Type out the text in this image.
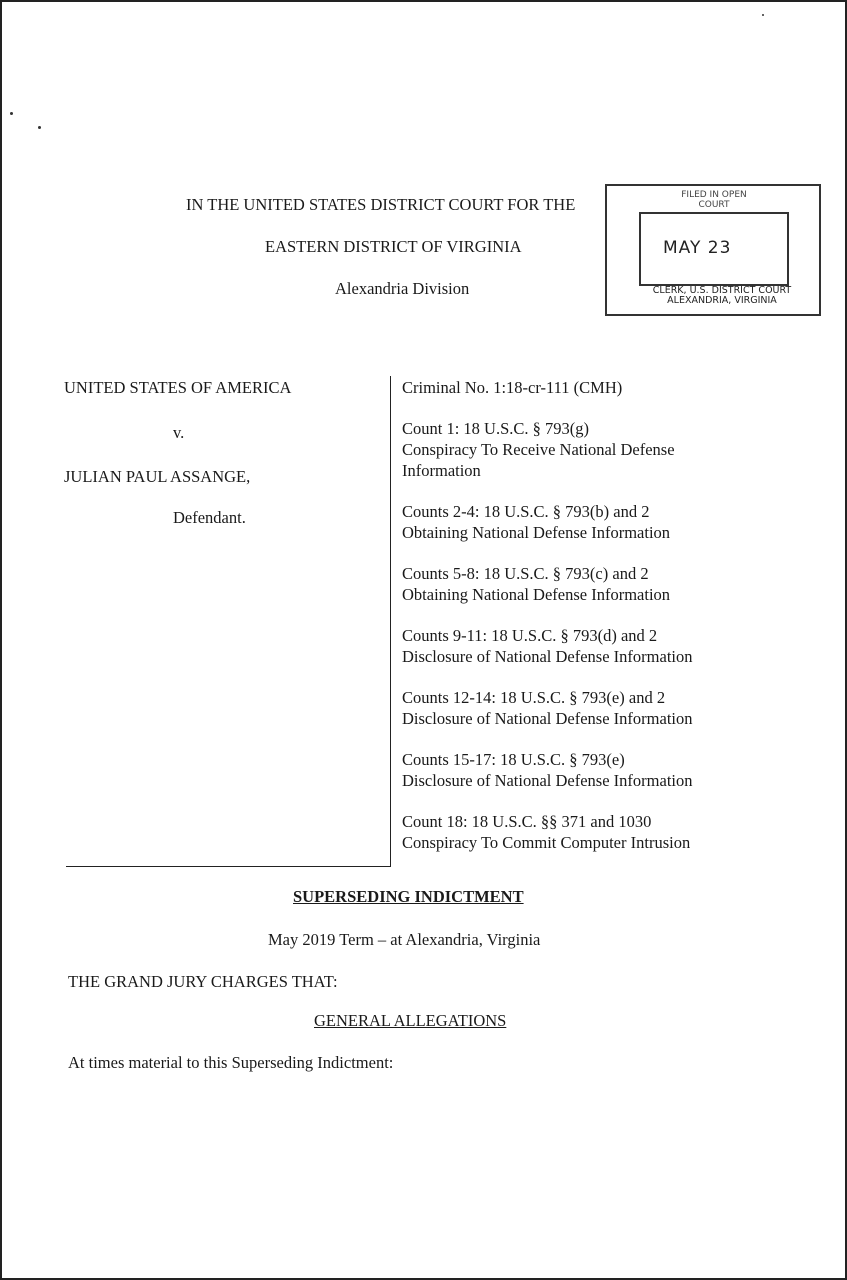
IN THE UNITED STATES DISTRICT COURT FOR THE
EASTERN DISTRICT OF VIRGINIA
Alexandria Division
FILED IN OPEN COURT
MAY 23
CLERK, U.S. DISTRICT COURT
ALEXANDRIA, VIRGINIA
UNITED STATES OF AMERICA
v.
JULIAN PAUL ASSANGE,
Defendant.
Criminal No. 1:18-cr-111 (CMH)
Count 1: 18 U.S.C. § 793(g)
Conspiracy To Receive National Defense
Information
Counts 2-4: 18 U.S.C. § 793(b) and 2
Obtaining National Defense Information
Counts 5-8: 18 U.S.C. § 793(c) and 2
Obtaining National Defense Information
Counts 9-11: 18 U.S.C. § 793(d) and 2
Disclosure of National Defense Information
Counts 12-14: 18 U.S.C. § 793(e) and 2
Disclosure of National Defense Information
Counts 15-17: 18 U.S.C. § 793(e)
Disclosure of National Defense Information
Count 18: 18 U.S.C. §§ 371 and 1030
Conspiracy To Commit Computer Intrusion
SUPERSEDING INDICTMENT
May 2019 Term – at Alexandria, Virginia
THE GRAND JURY CHARGES THAT:
GENERAL ALLEGATIONS
At times material to this Superseding Indictment:
